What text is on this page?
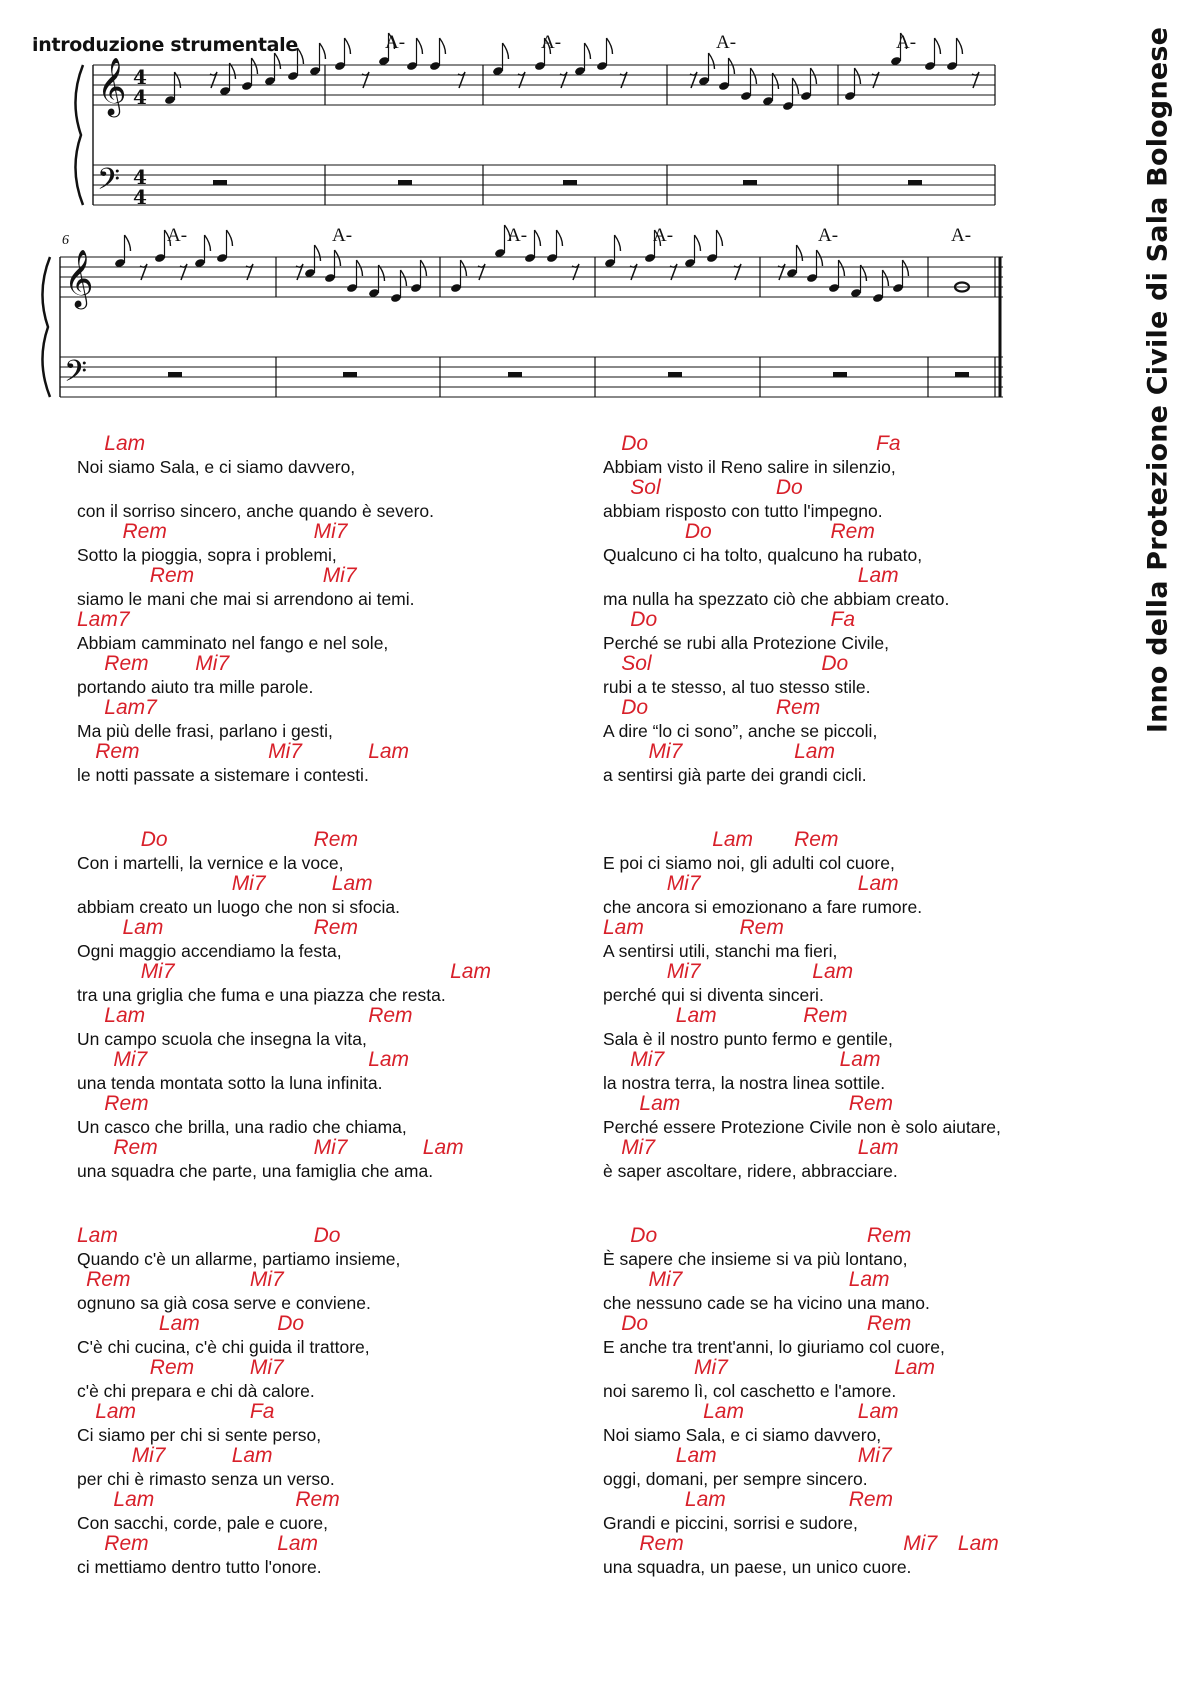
introduzione strumentale
𝄞
𝄢
4
4
4
4
A-	A-	A-	A-
𝄞
𝄢
A-	A-	A-	A-	A-	A-
6	Inno della Protezione Civile di Sala Bolognese
Lam
Noi siamo Sala, e ci siamo davvero,
con il sorriso sincero, anche quando è severo.
Rem	Mi7
Sotto la pioggia, sopra i problemi,
Rem	Mi7
siamo le mani che mai si arrendono ai temi.
Lam7
Abbiam camminato nel fango e nel sole,
Rem Mi7
portando aiuto tra mille parole.
Lam7
Ma più delle frasi, parlano i gesti,
Rem	Mi7	Lam
le notti passate a sistemare i contesti.
Do	Rem
Con i martelli, la vernice e la voce,
Mi7	Lam
abbiam creato un luogo che non si sfocia.
Lam	Rem
Ogni maggio accendiamo la festa,
Mi7	Lam
tra una griglia che fuma e una piazza che resta.
Lam	Rem
Un campo scuola che insegna la vita,
Mi7	Lam
una tenda montata sotto la luna infinita.
Rem
Un casco che brilla, una radio che chiama,
Rem	Mi7	Lam
una squadra che parte, una famiglia che ama.
Lam	Do
Quando c'è un allarme, partiamo insieme,
Rem	Mi7
ognuno sa già cosa serve e conviene.
Lam	Do
C'è chi cucina, c'è chi guida il trattore,
Rem	Mi7
c'è chi prepara e chi dà calore.
Lam	Fa
Ci siamo per chi si sente perso,
Mi7	Lam
per chi è rimasto senza un verso.
Lam	Rem
Con sacchi, corde, pale e cuore,
Rem	Lam
ci mettiamo dentro tutto l'onore.
Do	Fa
Abbiam visto il Reno salire in silenzio,
Sol	Do
abbiam risposto con tutto l'impegno.
Do	Rem
Qualcuno ci ha tolto, qualcuno ha rubato,
Lam
ma nulla ha spezzato ciò che abbiam creato.
Do	Fa
Perché se rubi alla Protezione Civile,
Sol	Do
rubi a te stesso, al tuo stesso stile.
Do	Rem
A dire “lo ci sono”, anche se piccoli,
Mi7	Lam
a sentirsi già parte dei grandi cicli.
Lam Rem
E poi ci siamo noi, gli adulti col cuore,
Mi7	Lam
che ancora si emozionano a fare rumore.
Lam	Rem
A sentirsi utili, stanchi ma fieri,
Mi7	Lam
perché qui si diventa sinceri.
Lam	Rem
Sala è il nostro punto fermo e gentile,
Mi7	Lam
la nostra terra, la nostra linea sottile.
Lam	Rem
Perché essere Protezione Civile non è solo aiutare,
Mi7	Lam
è saper ascoltare, ridere, abbracciare.
Do	Rem
È sapere che insieme si va più lontano,
Mi7	Lam
che nessuno cade se ha vicino una mano.
Do	Rem
E anche tra trent'anni, lo giuriamo col cuore,
Mi7	Lam
noi saremo lì, col caschetto e l'amore.
Lam	Lam
Noi siamo Sala, e ci siamo davvero,
Lam	Mi7
oggi, domani, per sempre sincero.
Lam	Rem
Grandi e piccini, sorrisi e sudore,
Rem	Mi7 Lam
una squadra, un paese, un unico cuore.
